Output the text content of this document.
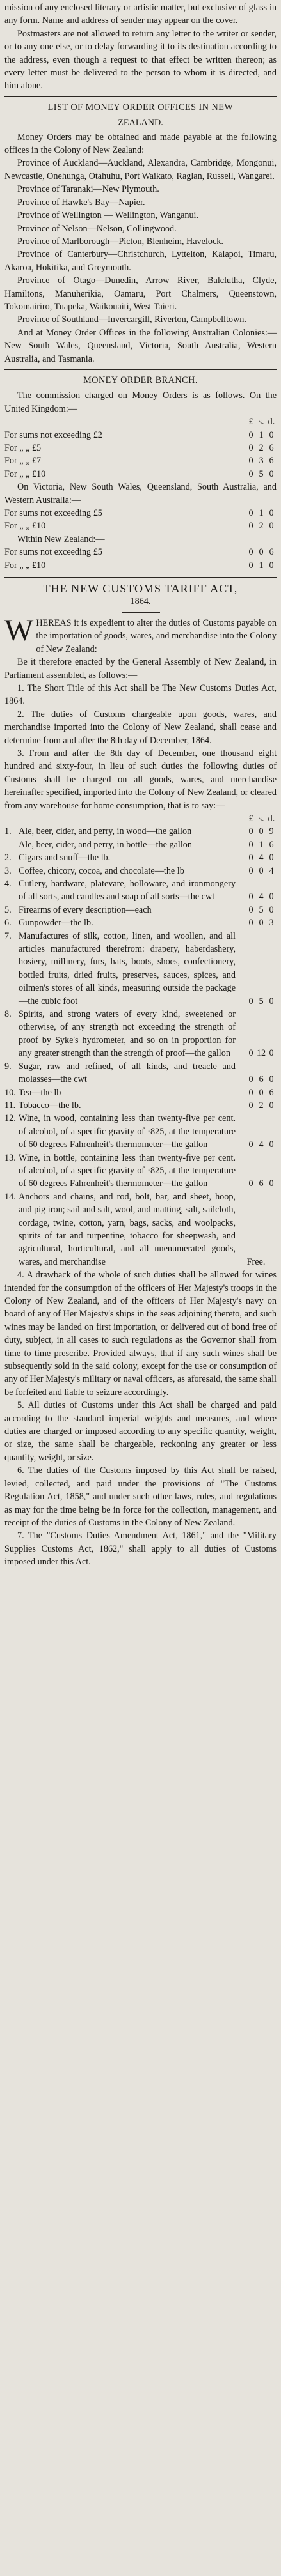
mission of any enclosed literary or artistic matter, but exclusive of glass in any form. Name and address of sender may appear on the cover.

Postmasters are not allowed to return any letter to the writer or sender, or to any one else, or to delay forwarding it to its destination according to the address, even though a request to that effect be written thereon; as every letter must be delivered to the person to whom it is directed, and him alone.

LIST OF MONEY ORDER OFFICES IN NEW
ZEALAND.

Money Orders may be obtained and made payable at the following offices in the Colony of New Zealand:

Province of Auckland—Auckland, Alexandra, Cambridge, Mongonui, Newcastle, Onehunga, Otahuhu, Port Waikato, Raglan, Russell, Wangarei.

Province of Taranaki—New Plymouth.

Province of Hawke's Bay—Napier.

Province of Wellington — Wellington, Wanganui.

Province of Nelson—Nelson, Collingwood.

Province of Marlborough—Picton, Blenheim, Havelock.

Province of Canterbury—Christchurch, Lyttelton, Kaiapoi, Timaru, Akaroa, Hokitika, and Greymouth.

Province of Otago—Dunedin, Arrow River, Balclutha, Clyde, Hamiltons, Manuherikia, Oamaru, Port Chalmers, Queenstown, Tokomairiro, Tuapeka, Waikouaiti, West Taieri.

Province of Southland—Invercargill, Riverton, Campbelltown.

And at Money Order Offices in the following Australian Colonies:—New South Wales, Queensland, Victoria, South Australia, Western Australia, and Tasmania.

MONEY ORDER BRANCH.

The commission charged on Money Orders is as follows. On the United Kingdom:—

£ s. d.
For sums not exceeding £2	0 1 0
For „ „ £5	0 2 6
For „ „ £7	0 3 6
For „ „ £10	0 5 0

On Victoria, New South Wales, Queensland, South Australia, and Western Australia:—

For sums not exceeding £5	0 1 0
For „ „ £10	0 2 0

Within New Zealand:—

For sums not exceeding £5	0 0 6
For „ „ £10	0 1 0
THE NEW CUSTOMS TARIFF ACT,
1864.

WHEREAS it is expedient to alter the duties of Customs payable on the importation of goods, wares, and merchandise into the Colony of New Zealand:

Be it therefore enacted by the General Assembly of New Zealand, in Parliament assembled, as follows:—

1. The Short Title of this Act shall be The New Customs Duties Act, 1864.

2. The duties of Customs chargeable upon goods, wares, and merchandise imported into the Colony of New Zealand, shall cease and determine from and after the 8th day of December, 1864.

3. From and after the 8th day of December, one thousand eight hundred and sixty-four, in lieu of such duties the following duties of Customs shall be charged on all goods, wares, and merchandise hereinafter specified, imported into the Colony of New Zealand, or cleared from any warehouse for home consumption, that is to say:—

£ s. d.
1. Ale, beer, cider, and perry, in wood—the gallon	0 0 9

Ale, beer, cider, and perry, in bottle—the gallon	0 1 6
2. Cigars and snuff—the lb.	0 4 0
3. Coffee, chicory, cocoa, and chocolate—the lb	0 0 4
4. Cutlery, hardware, platevare, holloware, and ironmongery of all sorts, and candles and soap of all sorts—the cwt	0 4 0
5. Firearms of every description—each	0 5 0
6. Gunpowder—the lb.	0 0 3
7. Manufactures of silk, cotton, linen, and woollen, and all articles manufactured therefrom: drapery, haberdashery, hosiery, millinery, furs, hats, boots, shoes, confectionery, bottled fruits, dried fruits, preserves, sauces, spices, and oilmen's stores of all kinds, measuring outside the package—the cubic foot	0 5 0
8. Spirits, and strong waters of every kind, sweetened or otherwise, of any strength not exceeding the strength of proof by Syke's hydrometer, and so on in proportion for any greater strength than the strength of proof—the gallon	0 12 0
9. Sugar, raw and refined, of all kinds, and treacle and molasses—the cwt	0 6 0
10. Tea—the lb	0 0 6
11. Tobacco—the lb.	0 2 0
12. Wine, in wood, containing less than twenty-five per cent. of alcohol, of a specific gravity of ·825, at the temperature of 60 degrees Fahrenheit's thermometer—the gallon	0 4 0
13. Wine, in bottle, containing less than twenty-five per cent. of alcohol, of a specific gravity of ·825, at the temperature of 60 degrees Fahrenheit's thermometer—the gallon	0 6 0
14. Anchors and chains, and rod, bolt, bar, and sheet, hoop, and pig iron; sail and salt, wool, and matting, salt, sailcloth, cordage, twine, cotton, yarn, bags, sacks, and woolpacks, spirits of tar and turpentine, tobacco for sheepwash, and agricultural, horticultural, and all unenumerated goods, wares, and merchandise	Free.

4. A drawback of the whole of such duties shall be allowed for wines intended for the consumption of the officers of Her Majesty's troops in the Colony of New Zealand, and of the officers of Her Majesty's navy on board of any of Her Majesty's ships in the seas adjoining thereto, and such wines may be landed on first importation, or delivered out of bond free of duty, subject, in all cases to such regulations as the Governor shall from time to time prescribe. Provided always, that if any such wines shall be subsequently sold in the said colony, except for the use or consumption of any of Her Majesty's military or naval officers, as aforesaid, the same shall be forfeited and liable to seizure accordingly.

5. All duties of Customs under this Act shall be charged and paid according to the standard imperial weights and measures, and where duties are charged or imposed according to any specific quantity, weight, or size, the same shall be chargeable, reckoning any greater or less quantity, weight, or size.

6. The duties of the Customs imposed by this Act shall be raised, levied, collected, and paid under the provisions of "The Customs Regulation Act, 1858," and under such other laws, rules, and regulations as may for the time being be in force for the collection, management, and receipt of the duties of Customs in the Colony of New Zealand.

7. The "Customs Duties Amendment Act, 1861," and the "Military Supplies Customs Act, 1862," shall apply to all duties of Customs imposed under this Act.
